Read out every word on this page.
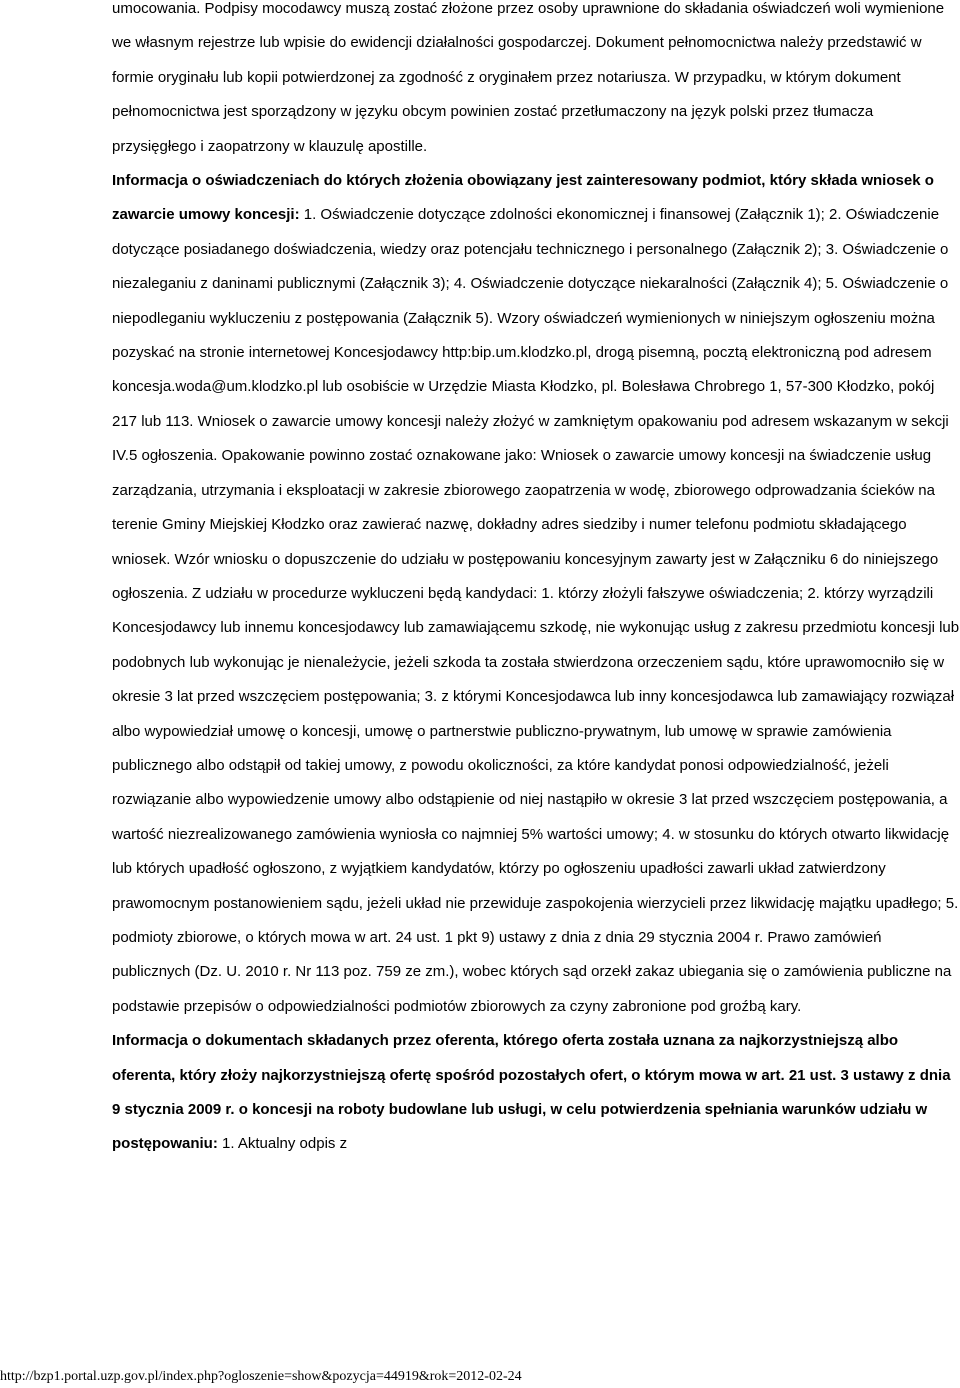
umocowania. Podpisy mocodawcy muszą zostać złożone przez osoby uprawnione do składania oświadczeń woli wymienione we własnym rejestrze lub wpisie do ewidencji działalności gospodarczej. Dokument pełnomocnictwa należy przedstawić w formie oryginału lub kopii potwierdzonej za zgodność z oryginałem przez notariusza. W przypadku, w którym dokument pełnomocnictwa jest sporządzony w języku obcym powinien zostać przetłumaczony na język polski przez tłumacza przysięgłego i zaopatrzony w klauzulę apostille.

Informacja o oświadczeniach do których złożenia obowiązany jest zainteresowany podmiot, który składa wniosek o zawarcie umowy koncesji: 1. Oświadczenie dotyczące zdolności ekonomicznej i finansowej (Załącznik 1); 2. Oświadczenie dotyczące posiadanego doświadczenia, wiedzy oraz potencjału technicznego i personalnego (Załącznik 2); 3. Oświadczenie o niezaleganiu z daninami publicznymi (Załącznik 3); 4. Oświadczenie dotyczące niekaralności (Załącznik 4); 5. Oświadczenie o niepodleganiu wykluczeniu z postępowania (Załącznik 5). Wzory oświadczeń wymienionych w niniejszym ogłoszeniu można pozyskać na stronie internetowej Koncesjodawcy http:bip.um.klodzko.pl, drogą pisemną, pocztą elektroniczną pod adresem koncesja.woda@um.klodzko.pl lub osobiście w Urzędzie Miasta Kłodzko, pl. Bolesława Chrobrego 1, 57-300 Kłodzko, pokój 217 lub 113. Wniosek o zawarcie umowy koncesji należy złożyć w zamkniętym opakowaniu pod adresem wskazanym w sekcji IV.5 ogłoszenia. Opakowanie powinno zostać oznakowane jako: Wniosek o zawarcie umowy koncesji na świadczenie usług zarządzania, utrzymania i eksploatacji w zakresie zbiorowego zaopatrzenia w wodę, zbiorowego odprowadzania ścieków na terenie Gminy Miejskiej Kłodzko oraz zawierać nazwę, dokładny adres siedziby i numer telefonu podmiotu składającego wniosek. Wzór wniosku o dopuszczenie do udziału w postępowaniu koncesyjnym zawarty jest w Załączniku 6 do niniejszego ogłoszenia. Z udziału w procedurze wykluczeni będą kandydaci: 1. którzy złożyli fałszywe oświadczenia; 2. którzy wyrządzili Koncesjodawcy lub innemu koncesjodawcy lub zamawiającemu szkodę, nie wykonując usług z zakresu przedmiotu koncesji lub podobnych lub wykonując je nienależycie, jeżeli szkoda ta została stwierdzona orzeczeniem sądu, które uprawomocniło się w okresie 3 lat przed wszczęciem postępowania; 3. z którymi Koncesjodawca lub inny koncesjodawca lub zamawiający rozwiązał albo wypowiedział umowę o koncesji, umowę o partnerstwie publiczno-prywatnym, lub umowę w sprawie zamówienia publicznego albo odstąpił od takiej umowy, z powodu okoliczności, za które kandydat ponosi odpowiedzialność, jeżeli rozwiązanie albo wypowiedzenie umowy albo odstąpienie od niej nastąpiło w okresie 3 lat przed wszczęciem postępowania, a wartość niezrealizowanego zamówienia wyniosła co najmniej 5% wartości umowy; 4. w stosunku do których otwarto likwidację lub których upadłość ogłoszono, z wyjątkiem kandydatów, którzy po ogłoszeniu upadłości zawarli układ zatwierdzony prawomocnym postanowieniem sądu, jeżeli układ nie przewiduje zaspokojenia wierzycieli przez likwidację majątku upadłego; 5. podmioty zbiorowe, o których mowa w art. 24 ust. 1 pkt 9) ustawy z dnia z dnia 29 stycznia 2004 r. Prawo zamówień publicznych (Dz. U. 2010 r. Nr 113 poz. 759 ze zm.), wobec których sąd orzekł zakaz ubiegania się o zamówienia publiczne na podstawie przepisów o odpowiedzialności podmiotów zbiorowych za czyny zabronione pod groźbą kary.

Informacja o dokumentach składanych przez oferenta, którego oferta została uznana za najkorzystniejszą albo oferenta, który złoży najkorzystniejszą ofertę spośród pozostałych ofert, o którym mowa w art. 21 ust. 3 ustawy z dnia 9 stycznia 2009 r. o koncesji na roboty budowlane lub usługi, w celu potwierdzenia spełniania warunków udziału w postępowaniu: 1. Aktualny odpis z

http://bzp1.portal.uzp.gov.pl/index.php?ogloszenie=show&pozycja=44919&rok=2012-02-24
